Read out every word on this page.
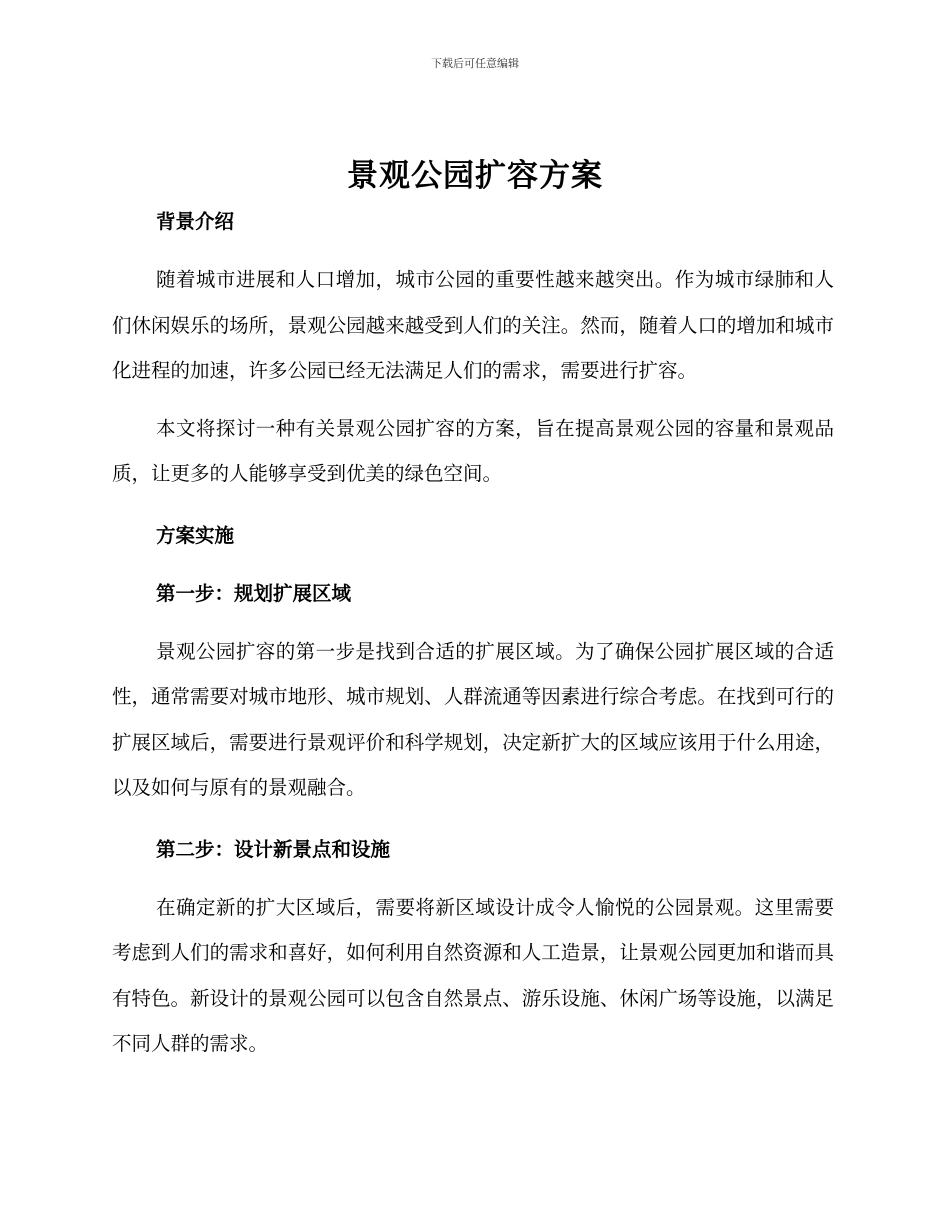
下载后可任意编辑
景观公园扩容方案

背景介绍

随着城市进展和人口增加，城市公园的重要性越来越突出。作为城市绿肺和人们休闲娱乐的场所，景观公园越来越受到人们的关注。然而，随着人口的增加和城市化进程的加速，许多公园已经无法满足人们的需求，需要进行扩容。

本文将探讨一种有关景观公园扩容的方案，旨在提高景观公园的容量和景观品质，让更多的人能够享受到优美的绿色空间。

方案实施

第一步：规划扩展区域

景观公园扩容的第一步是找到合适的扩展区域。为了确保公园扩展区域的合适性，通常需要对城市地形、城市规划、人群流通等因素进行综合考虑。在找到可行的扩展区域后，需要进行景观评价和科学规划，决定新扩大的区域应该用于什么用途，以及如何与原有的景观融合。

第二步：设计新景点和设施

在确定新的扩大区域后，需要将新区域设计成令人愉悦的公园景观。这里需要考虑到人们的需求和喜好，如何利用自然资源和人工造景，让景观公园更加和谐而具有特色。新设计的景观公园可以包含自然景点、游乐设施、休闲广场等设施，以满足不同人群的需求。
